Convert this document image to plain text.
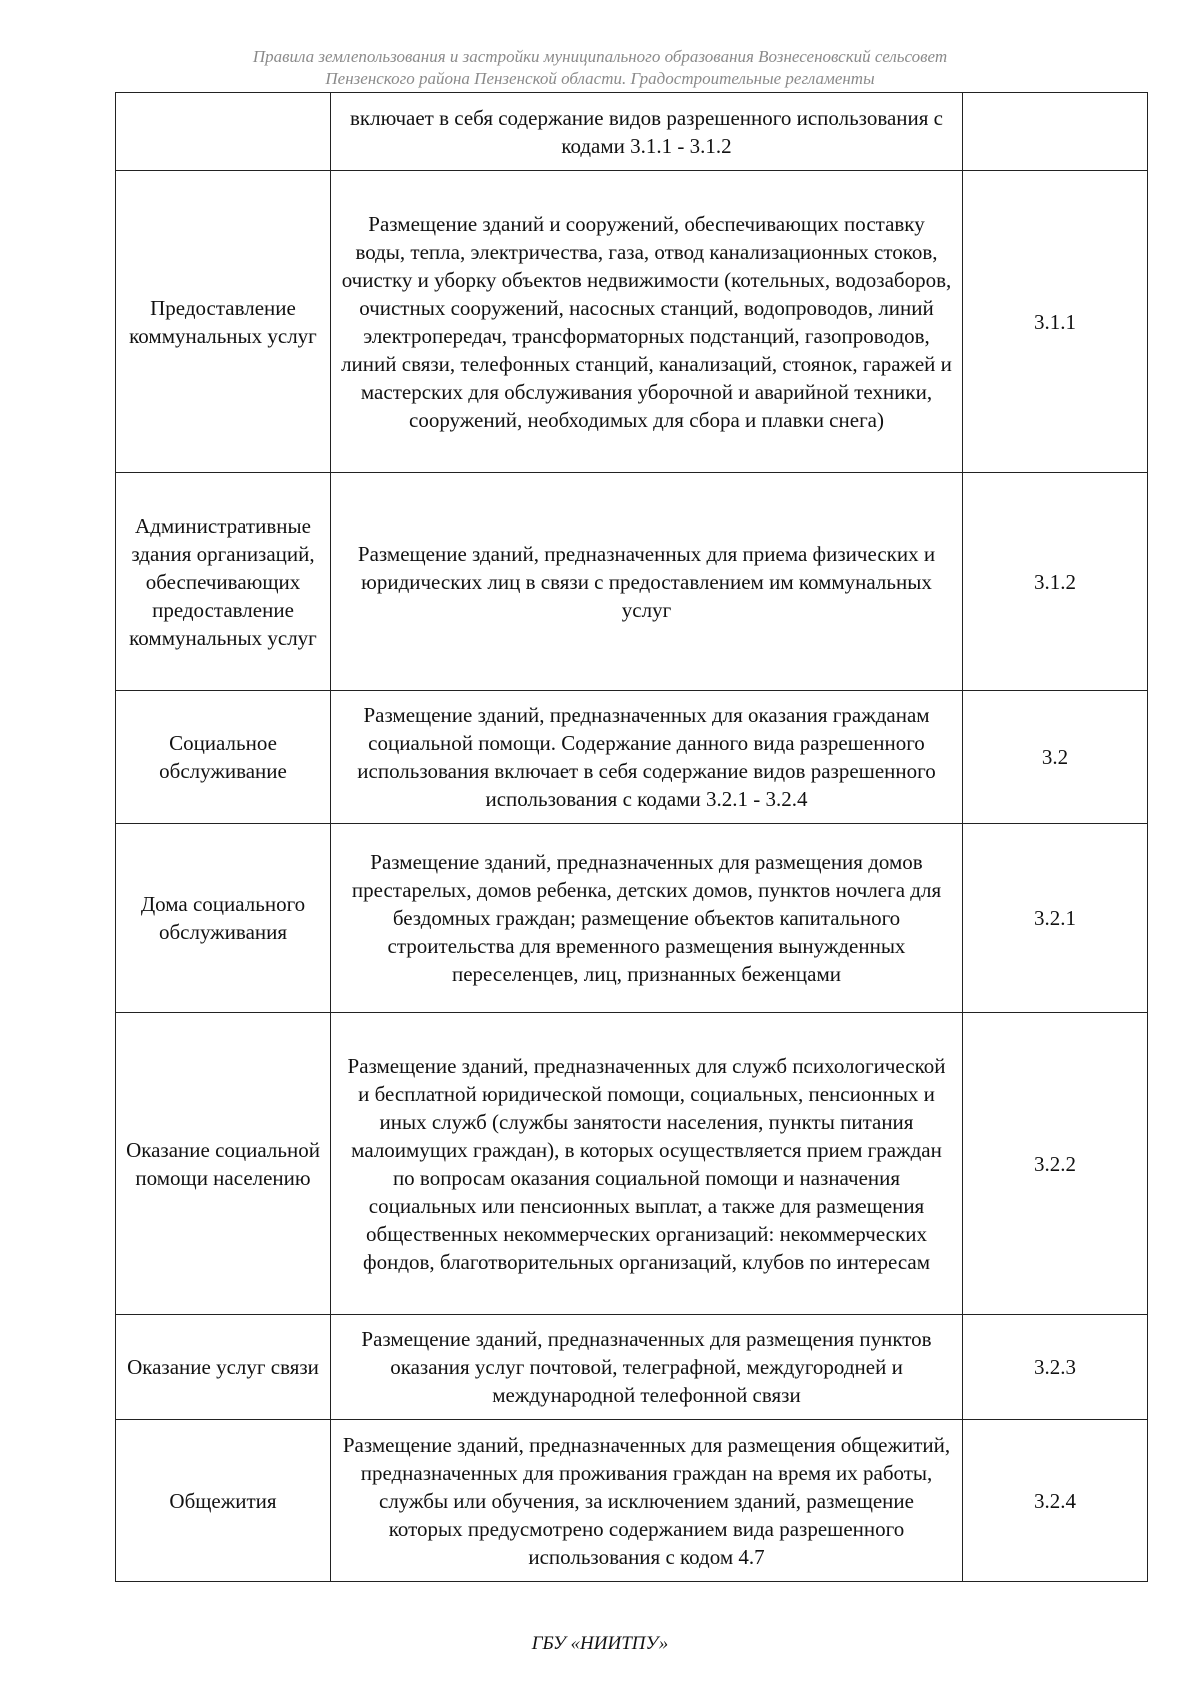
Правила землепользования и застройки муниципального образования Вознесеновский сельсовет
Пензенского района Пензенской области. Градостроительные регламенты
	включает в себя содержание видов разрешенного использования с кодами 3.1.1 - 3.1.2	
Предоставление коммунальных услуг	Размещение зданий и сооружений, обеспечивающих поставку воды, тепла, электричества, газа, отвод канализационных стоков, очистку и уборку объектов недвижимости (котельных, водозаборов, очистных сооружений, насосных станций, водопроводов, линий электропередач, трансформаторных подстанций, газопроводов, линий связи, телефонных станций, канализаций, стоянок, гаражей и мастерских для обслуживания уборочной и аварийной техники, сооружений, необходимых для сбора и плавки снега)	3.1.1
Административные здания организаций, обеспечивающих предоставление коммунальных услуг	Размещение зданий, предназначенных для приема физических и юридических лиц в связи с предоставлением им коммунальных услуг	3.1.2
Социальное обслуживание	Размещение зданий, предназначенных для оказания гражданам социальной помощи. Содержание данного вида разрешенного использования включает в себя содержание видов разрешенного использования с кодами 3.2.1 - 3.2.4	3.2
Дома социального обслуживания	Размещение зданий, предназначенных для размещения домов престарелых, домов ребенка, детских домов, пунктов ночлега для бездомных граждан; размещение объектов капитального строительства для временного размещения вынужденных переселенцев, лиц, признанных беженцами	3.2.1
Оказание социальной помощи населению	Размещение зданий, предназначенных для служб психологической и бесплатной юридической помощи, социальных, пенсионных и иных служб (службы занятости населения, пункты питания малоимущих граждан), в которых осуществляется прием граждан по вопросам оказания социальной помощи и назначения социальных или пенсионных выплат, а также для размещения общественных некоммерческих организаций: некоммерческих фондов, благотворительных организаций, клубов по интересам	3.2.2
Оказание услуг связи	Размещение зданий, предназначенных для размещения пунктов оказания услуг почтовой, телеграфной, междугородней и международной телефонной связи	3.2.3
Общежития	Размещение зданий, предназначенных для размещения общежитий, предназначенных для проживания граждан на время их работы, службы или обучения, за исключением зданий, размещение которых предусмотрено содержанием вида разрешенного использования с кодом 4.7	3.2.4
ГБУ «НИИТПУ»
